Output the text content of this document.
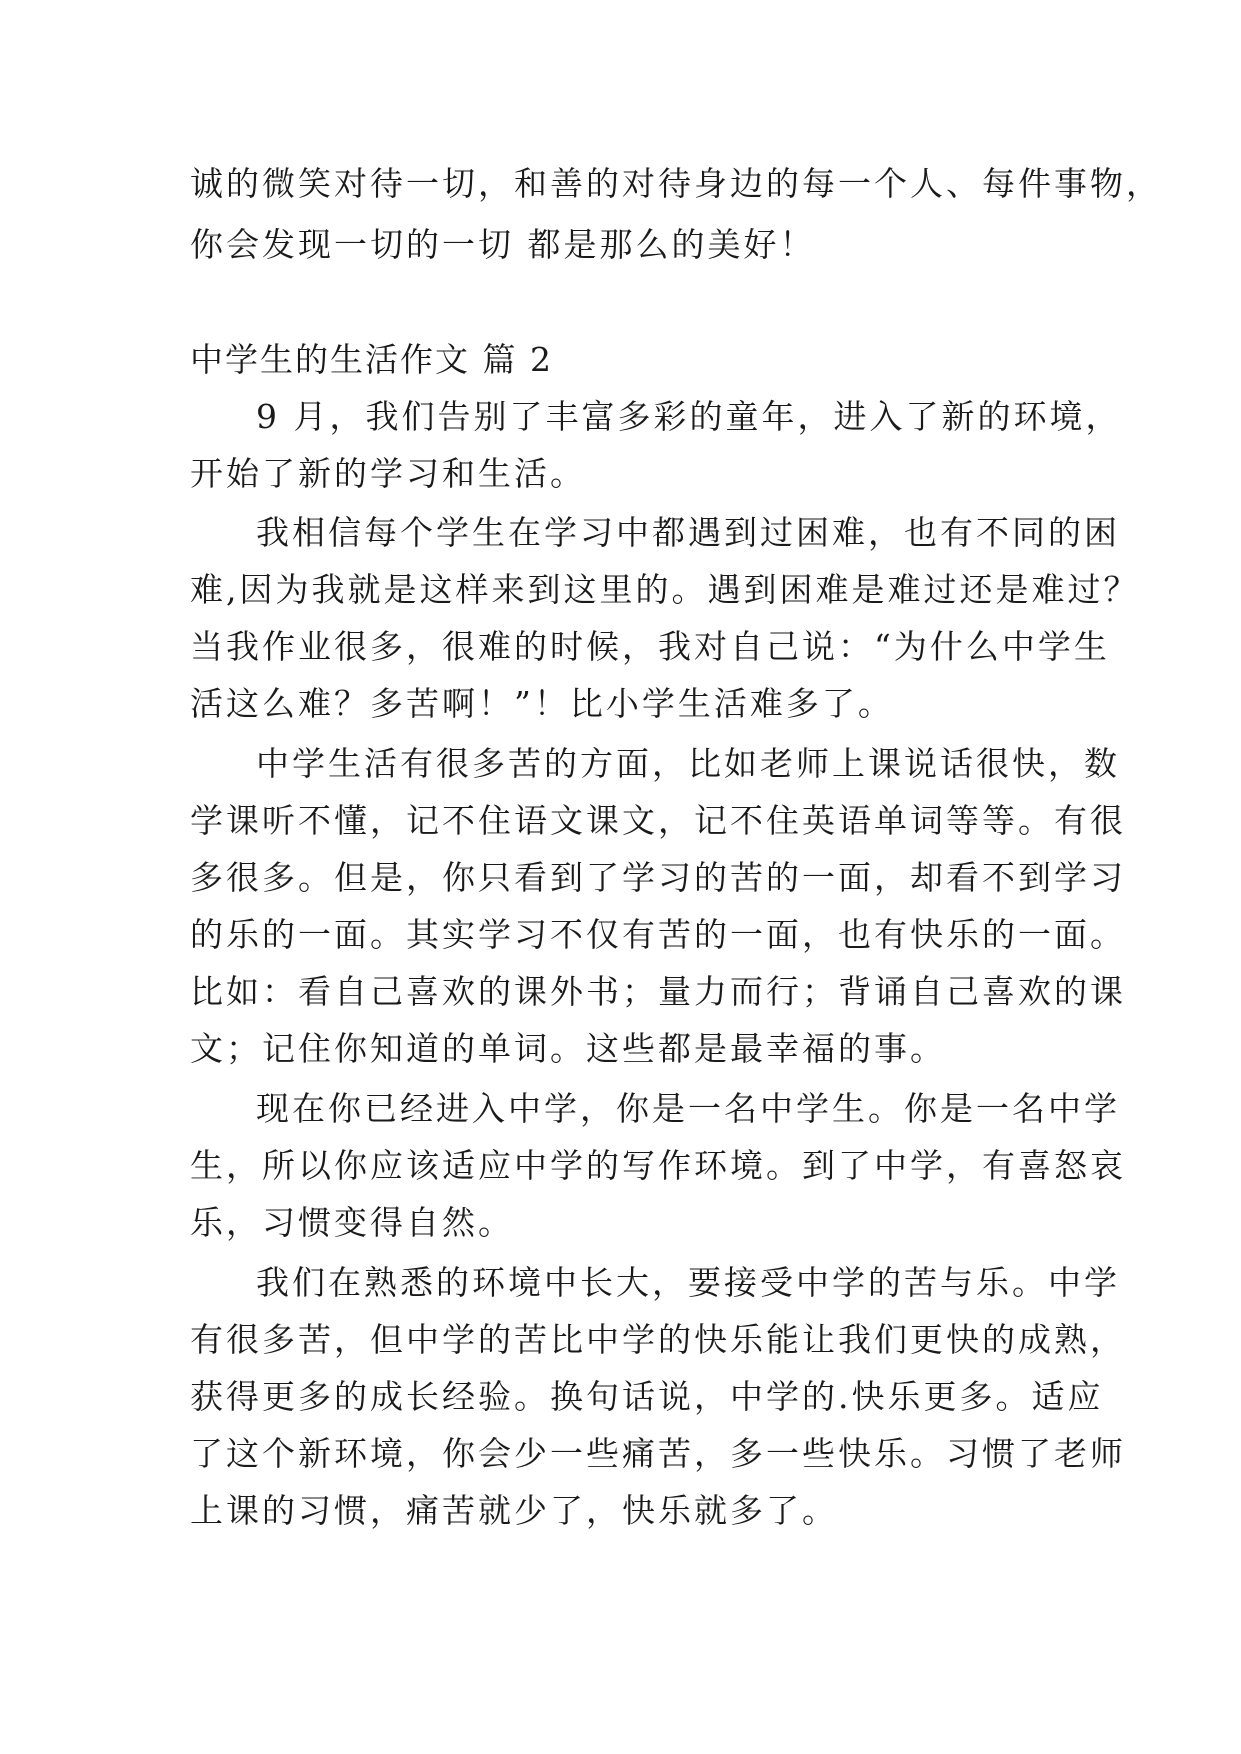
诚的微笑对待一切，和善的对待身边的每一个人、每件事物，
你会发现一切的一切 都是那么的美好！
中学生的生活作文 篇 2
9 月，我们告别了丰富多彩的童年，进入了新的环境，
开始了新的学习和生活。
我相信每个学生在学习中都遇到过困难，也有不同的困
难,因为我就是这样来到这里的。遇到困难是难过还是难过？
当我作业很多，很难的时候，我对自己说：“为什么中学生
活这么难？多苦啊！”！比小学生活难多了。
中学生活有很多苦的方面，比如老师上课说话很快，数
学课听不懂，记不住语文课文，记不住英语单词等等。有很
多很多。但是，你只看到了学习的苦的一面，却看不到学习
的乐的一面。其实学习不仅有苦的一面，也有快乐的一面。
比如：看自己喜欢的课外书；量力而行；背诵自己喜欢的课
文；记住你知道的单词。这些都是最幸福的事。
现在你已经进入中学，你是一名中学生。你是一名中学
生，所以你应该适应中学的写作环境。到了中学，有喜怒哀
乐，习惯变得自然。
我们在熟悉的环境中长大，要接受中学的苦与乐。中学
有很多苦，但中学的苦比中学的快乐能让我们更快的成熟，
获得更多的成长经验。换句话说，中学的.快乐更多。适应
了这个新环境，你会少一些痛苦，多一些快乐。习惯了老师
上课的习惯，痛苦就少了，快乐就多了。
